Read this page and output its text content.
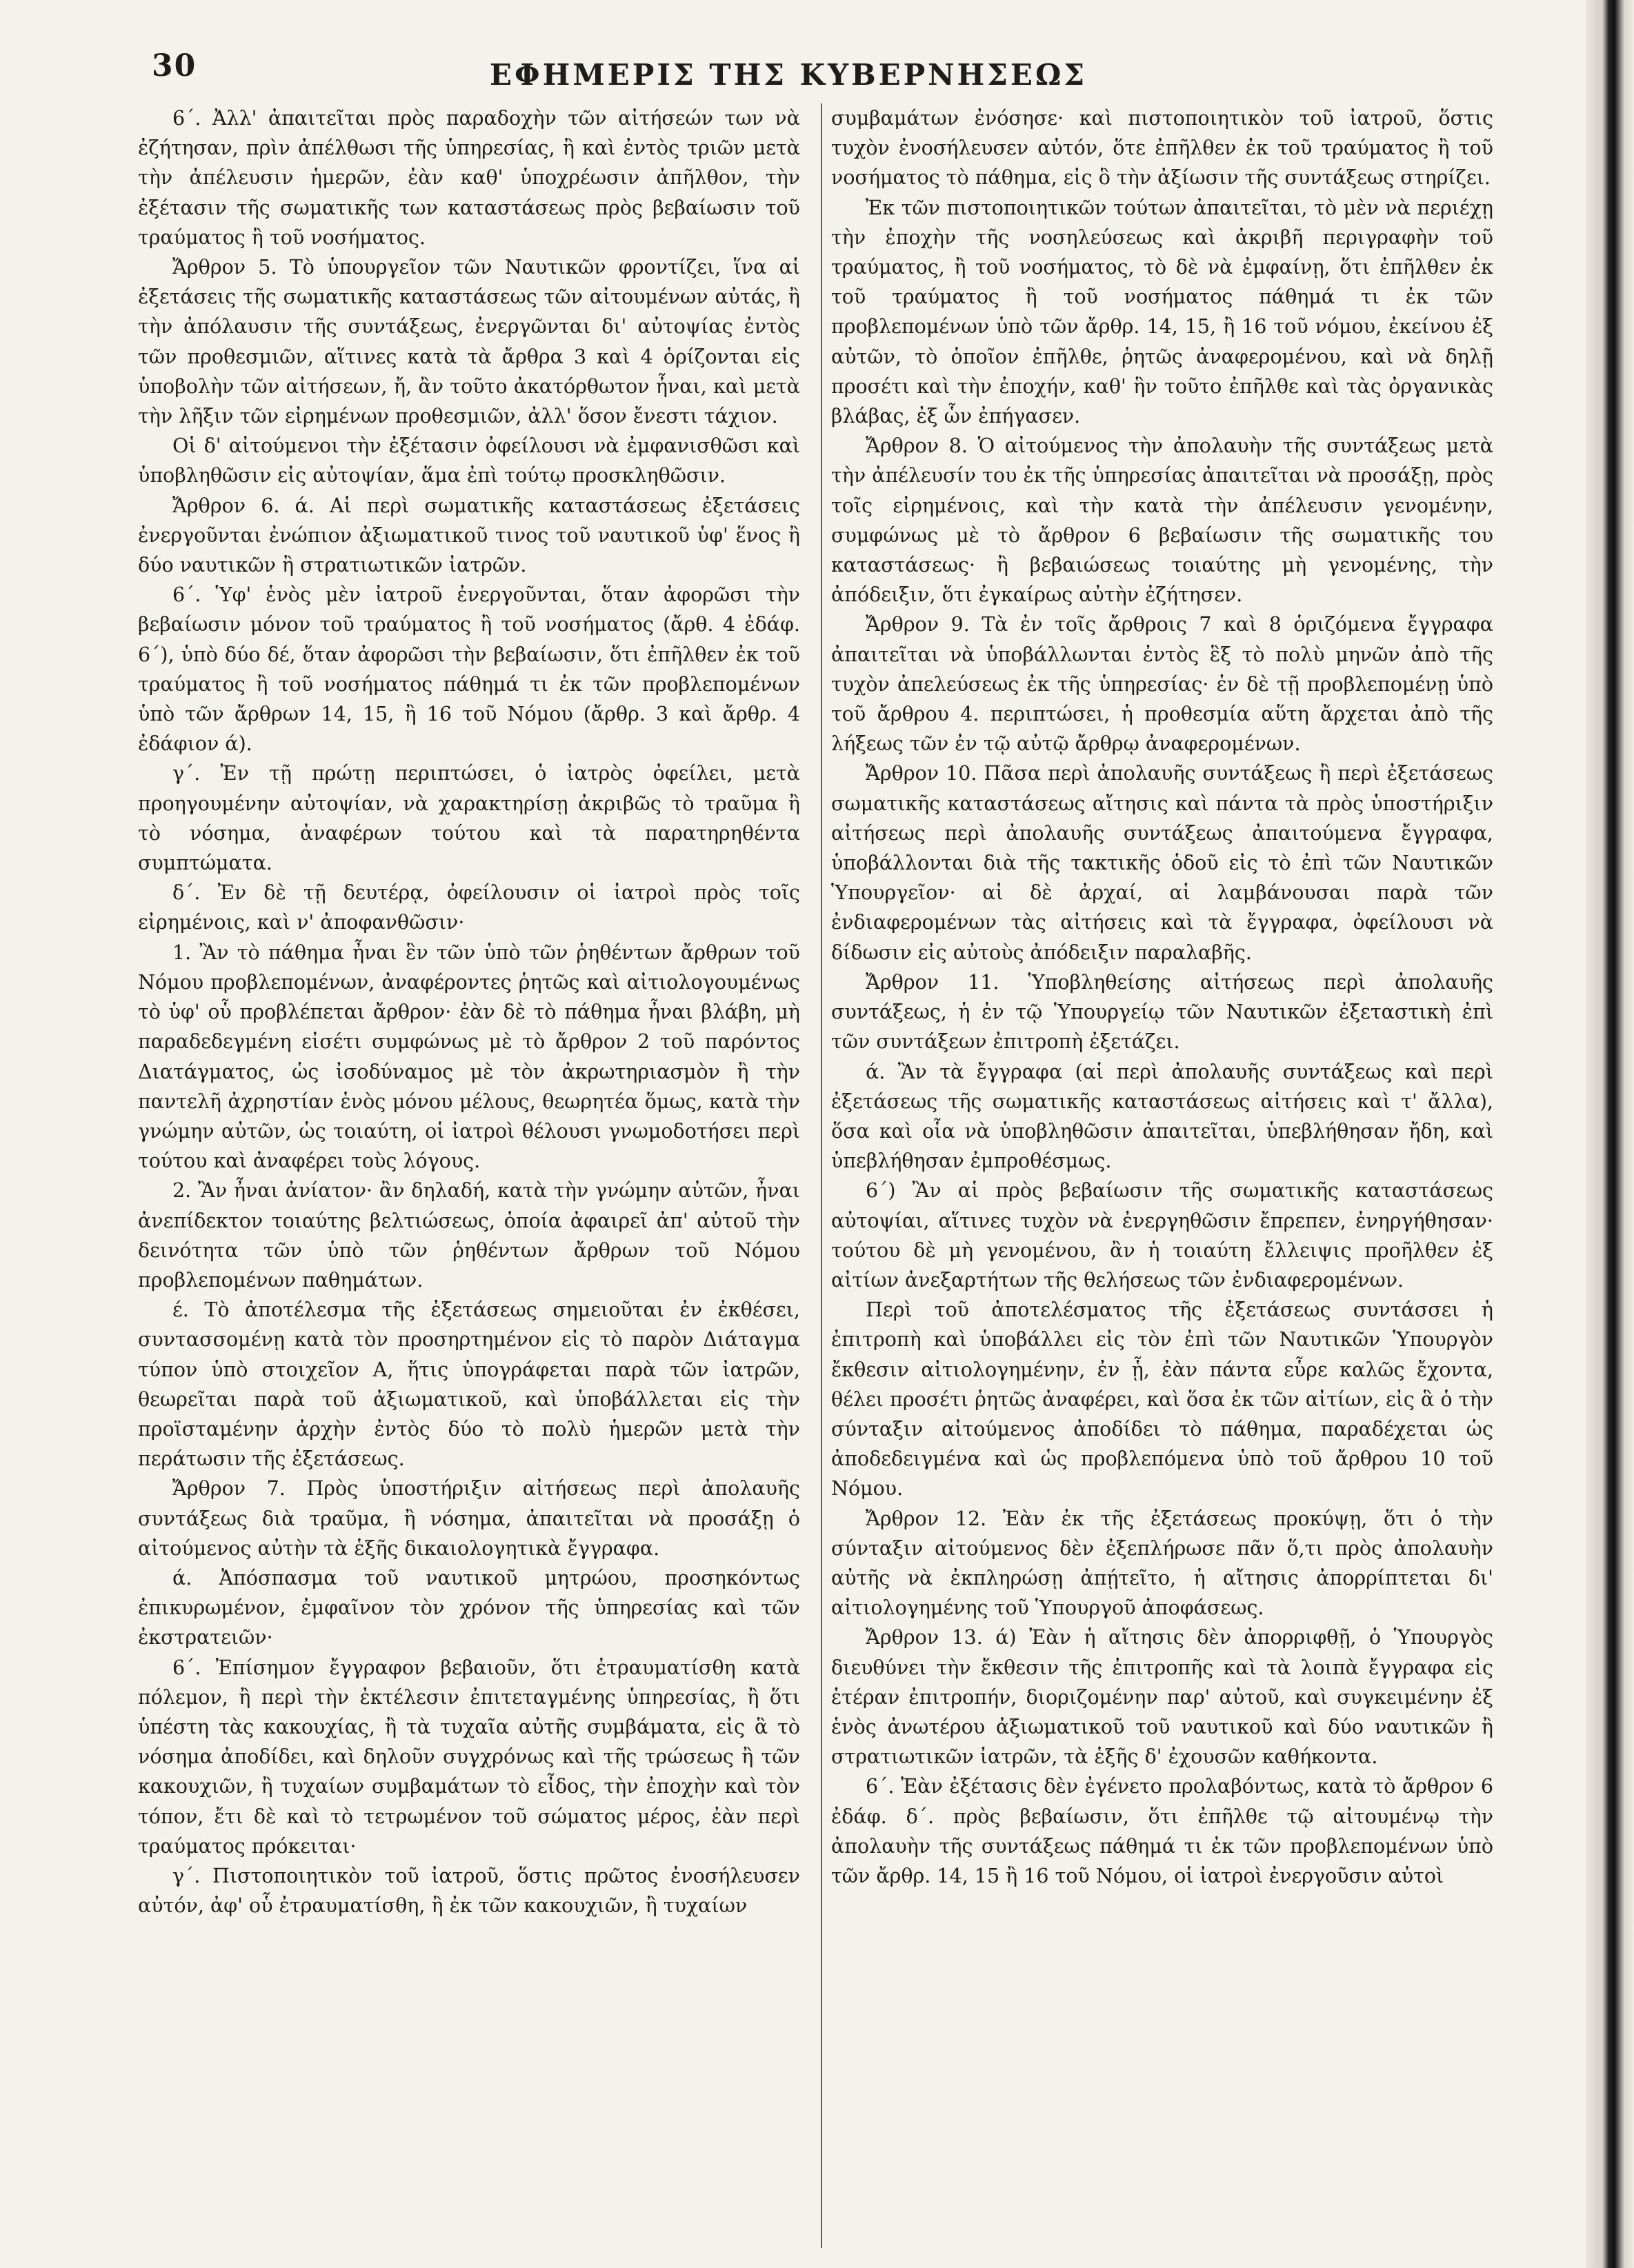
30	ΕΦΗΜΕΡΙΣ ΤΗΣ ΚΥΒΕΡΝΗΣΕΩΣ

6΄. Ἀλλ' ἀπαιτεῖται πρὸς παραδοχὴν τῶν αἰτήσεών των νὰ ἐζήτησαν, πρὶν ἀπέλθωσι τῆς ὑπηρεσίας, ἢ καὶ ἐντὸς τριῶν μετὰ τὴν ἀπέλευσιν ἡμερῶν, ἐὰν καθ' ὑποχρέωσιν ἀπῆλθον, τὴν ἐξέτασιν τῆς σωματικῆς των καταστάσεως πρὸς βεβαίωσιν τοῦ τραύματος ἢ τοῦ νοσήματος.

Ἄρθρον 5. Τὸ ὑπουργεῖον τῶν Ναυτικῶν φροντίζει, ἵνα αἱ ἐξετάσεις τῆς σωματικῆς καταστάσεως τῶν αἰτουμένων αὐτάς, ἢ τὴν ἀπόλαυσιν τῆς συντάξεως, ἐνεργῶνται δι' αὐτοψίας ἐντὸς τῶν προθεσμιῶν, αἵτινες κατὰ τὰ ἄρθρα 3 καὶ 4 ὁρίζονται εἰς ὑποβολὴν τῶν αἰτήσεων, ἤ, ἂν τοῦτο ἀκατόρθωτον ἦναι, καὶ μετὰ τὴν λῆξιν τῶν εἰρημένων προθεσμιῶν, ἀλλ' ὅσον ἔνεστι τάχιον.

Οἱ δ' αἰτούμενοι τὴν ἐξέτασιν ὀφείλουσι νὰ ἐμφανισθῶσι καὶ ὑποβληθῶσιν εἰς αὐτοψίαν, ἅμα ἐπὶ τούτῳ προσκληθῶσιν.

Ἄρθρον 6. ά. Αἱ περὶ σωματικῆς καταστάσεως ἐξετάσεις ἐνεργοῦνται ἐνώπιον ἀξιωματικοῦ τινος τοῦ ναυτικοῦ ὑφ' ἕνος ἢ δύο ναυτικῶν ἢ στρατιωτικῶν ἰατρῶν.

6΄. Ὑφ' ἑνὸς μὲν ἰατροῦ ἐνεργοῦνται, ὅταν ἀφορῶσι τὴν βεβαίωσιν μόνον τοῦ τραύματος ἢ τοῦ νοσήματος (ἄρθ. 4 ἐδάφ. 6΄), ὑπὸ δύο δέ, ὅταν ἀφορῶσι τὴν βεβαίωσιν, ὅτι ἐπῆλθεν ἐκ τοῦ τραύματος ἢ τοῦ νοσήματος πάθημά τι ἐκ τῶν προβλεπομένων ὑπὸ τῶν ἄρθρων 14, 15, ἢ 16 τοῦ Νόμου (ἄρθρ. 3 καὶ ἄρθρ. 4 ἐδάφιον ά).

γ΄. Ἐν τῇ πρώτῃ περιπτώσει, ὁ ἰατρὸς ὀφείλει, μετὰ προηγουμένην αὐτοψίαν, νὰ χαρακτηρίσῃ ἀκριβῶς τὸ τραῦμα ἢ τὸ νόσημα, ἀναφέρων τούτου καὶ τὰ παρατηρηθέντα συμπτώματα.

δ΄. Ἐν δὲ τῇ δευτέρᾳ, ὀφείλουσιν οἱ ἰατροὶ πρὸς τοῖς εἰρημένοις, καὶ ν' ἀποφανθῶσιν·

1. Ἂν τὸ πάθημα ἦναι ἓν τῶν ὑπὸ τῶν ῥηθέντων ἄρθρων τοῦ Νόμου προβλεπομένων, ἀναφέροντες ῥητῶς καὶ αἰτιολογουμένως τὸ ὑφ' οὗ προβλέπεται ἄρθρον· ἐὰν δὲ τὸ πάθημα ἦναι βλάβη, μὴ παραδεδεγμένη εἰσέτι συμφώνως μὲ τὸ ἄρθρον 2 τοῦ παρόντος Διατάγματος, ὡς ἰσοδύναμος μὲ τὸν ἀκρωτηριασμὸν ἢ τὴν παντελῆ ἀχρηστίαν ἑνὸς μόνου μέλους, θεωρητέα ὅμως, κατὰ τὴν γνώμην αὐτῶν, ὡς τοιαύτη, οἱ ἰατροὶ θέλουσι γνωμοδοτήσει περὶ τούτου καὶ ἀναφέρει τοὺς λόγους.

2. Ἂν ἦναι ἀνίατον· ἂν δηλαδή, κατὰ τὴν γνώμην αὐτῶν, ἦναι ἀνεπίδεκτον τοιαύτης βελτιώσεως, ὁποία ἀφαιρεῖ ἀπ' αὐτοῦ τὴν δεινότητα τῶν ὑπὸ τῶν ῥηθέντων ἄρθρων τοῦ Νόμου προβλεπομένων παθημάτων.

έ. Τὸ ἀποτέλεσμα τῆς ἐξετάσεως σημειοῦται ἐν ἐκθέσει, συντασσομένῃ κατὰ τὸν προσηρτημένον εἰς τὸ παρὸν Διάταγμα τύπον ὑπὸ στοιχεῖον Α, ἥτις ὑπογράφεται παρὰ τῶν ἰατρῶν, θεωρεῖται παρὰ τοῦ ἀξιωματικοῦ, καὶ ὑποβάλλεται εἰς τὴν προϊσταμένην ἀρχὴν ἐντὸς δύο τὸ πολὺ ἡμερῶν μετὰ τὴν περάτωσιν τῆς ἐξετάσεως.

Ἄρθρον 7. Πρὸς ὑποστήριξιν αἰτήσεως περὶ ἀπολαυῆς συντάξεως διὰ τραῦμα, ἢ νόσημα, ἀπαιτεῖται νὰ προσάξῃ ὁ αἰτούμενος αὐτὴν τὰ ἑξῆς δικαιολογητικὰ ἔγγραφα.

ά. Ἀπόσπασμα τοῦ ναυτικοῦ μητρώου, προσηκόντως ἐπικυρωμένον, ἐμφαῖνον τὸν χρόνον τῆς ὑπηρεσίας καὶ τῶν ἐκστρατειῶν·

6΄. Ἐπίσημον ἔγγραφον βεβαιοῦν, ὅτι ἐτραυματίσθη κατὰ πόλεμον, ἢ περὶ τὴν ἐκτέλεσιν ἐπιτεταγμένης ὑπηρεσίας, ἢ ὅτι ὑπέστη τὰς κακουχίας, ἢ τὰ τυχαῖα αὐτῆς συμβάματα, εἰς ἃ τὸ νόσημα ἀποδίδει, καὶ δηλοῦν συγχρόνως καὶ τῆς τρώσεως ἢ τῶν κακουχιῶν, ἢ τυχαίων συμβαμάτων τὸ εἶδος, τὴν ἐποχὴν καὶ τὸν τόπον, ἔτι δὲ καὶ τὸ τετρωμένον τοῦ σώματος μέρος, ἐὰν περὶ τραύματος πρόκειται·

γ΄. Πιστοποιητικὸν τοῦ ἰατροῦ, ὅστις πρῶτος ἐνοσήλευσεν αὐτόν, ἀφ' οὗ ἐτραυματίσθη, ἢ ἐκ τῶν κακουχιῶν, ἢ τυχαίων

συμβαμάτων ἐνόσησε· καὶ πιστοποιητικὸν τοῦ ἰατροῦ, ὅστις τυχὸν ἐνοσήλευσεν αὐτόν, ὅτε ἐπῆλθεν ἐκ τοῦ τραύματος ἢ τοῦ νοσήματος τὸ πάθημα, εἰς ὃ τὴν ἀξίωσιν τῆς συντάξεως στηρίζει.

Ἐκ τῶν πιστοποιητικῶν τούτων ἀπαιτεῖται, τὸ μὲν νὰ περιέχῃ τὴν ἐποχὴν τῆς νοσηλεύσεως καὶ ἀκριβῆ περιγραφὴν τοῦ τραύματος, ἢ τοῦ νοσήματος, τὸ δὲ νὰ ἐμφαίνῃ, ὅτι ἐπῆλθεν ἐκ τοῦ τραύματος ἢ τοῦ νοσήματος πάθημά τι ἐκ τῶν προβλεπομένων ὑπὸ τῶν ἄρθρ. 14, 15, ἢ 16 τοῦ νόμου, ἐκείνου ἐξ αὐτῶν, τὸ ὁποῖον ἐπῆλθε, ῥητῶς ἀναφερομένου, καὶ νὰ δηλῇ προσέτι καὶ τὴν ἐποχήν, καθ' ἣν τοῦτο ἐπῆλθε καὶ τὰς ὀργανικὰς βλάβας, ἐξ ὧν ἐπήγασεν.

Ἄρθρον 8. Ὁ αἰτούμενος τὴν ἀπολαυὴν τῆς συντάξεως μετὰ τὴν ἀπέλευσίν του ἐκ τῆς ὑπηρεσίας ἀπαιτεῖται νὰ προσάξῃ, πρὸς τοῖς εἰρημένοις, καὶ τὴν κατὰ τὴν ἀπέλευσιν γενομένην, συμφώνως μὲ τὸ ἄρθρον 6 βεβαίωσιν τῆς σωματικῆς του καταστάσεως· ἢ βεβαιώσεως τοιαύτης μὴ γενομένης, τὴν ἀπόδειξιν, ὅτι ἐγκαίρως αὐτὴν ἐζήτησεν.

Ἄρθρον 9. Τὰ ἐν τοῖς ἄρθροις 7 καὶ 8 ὁριζόμενα ἔγγραφα ἀπαιτεῖται νὰ ὑποβάλλωνται ἐντὸς ἓξ τὸ πολὺ μηνῶν ἀπὸ τῆς τυχὸν ἀπελεύσεως ἐκ τῆς ὑπηρεσίας· ἐν δὲ τῇ προβλεπομένῃ ὑπὸ τοῦ ἄρθρου 4. περιπτώσει, ἡ προθεσμία αὕτη ἄρχεται ἀπὸ τῆς λήξεως τῶν ἐν τῷ αὐτῷ ἄρθρῳ ἀναφερομένων.

Ἄρθρον 10. Πᾶσα περὶ ἀπολαυῆς συντάξεως ἢ περὶ ἐξετάσεως σωματικῆς καταστάσεως αἴτησις καὶ πάντα τὰ πρὸς ὑποστήριξιν αἰτήσεως περὶ ἀπολαυῆς συντάξεως ἀπαιτούμενα ἔγγραφα, ὑποβάλλονται διὰ τῆς τακτικῆς ὁδοῦ εἰς τὸ ἐπὶ τῶν Ναυτικῶν Ὑπουργεῖον· αἱ δὲ ἀρχαί, αἱ λαμβάνουσαι παρὰ τῶν ἐνδιαφερομένων τὰς αἰτήσεις καὶ τὰ ἔγγραφα, ὀφείλουσι νὰ δίδωσιν εἰς αὐτοὺς ἀπόδειξιν παραλαβῆς.

Ἄρθρον 11. Ὑποβληθείσης αἰτήσεως περὶ ἀπολαυῆς συντάξεως, ἡ ἐν τῷ Ὑπουργείῳ τῶν Ναυτικῶν ἐξεταστικὴ ἐπὶ τῶν συντάξεων ἐπιτροπὴ ἐξετάζει.

ά. Ἂν τὰ ἔγγραφα (αἱ περὶ ἀπολαυῆς συντάξεως καὶ περὶ ἐξετάσεως τῆς σωματικῆς καταστάσεως αἰτήσεις καὶ τ' ἄλλα), ὅσα καὶ οἷα νὰ ὑποβληθῶσιν ἀπαιτεῖται, ὑπεβλήθησαν ἤδη, καὶ ὑπεβλήθησαν ἐμπροθέσμως.

6΄) Ἂν αἱ πρὸς βεβαίωσιν τῆς σωματικῆς καταστάσεως αὐτοψίαι, αἵτινες τυχὸν νὰ ἐνεργηθῶσιν ἔπρεπεν, ἐνηργήθησαν· τούτου δὲ μὴ γενομένου, ἂν ἡ τοιαύτη ἔλλειψις προῆλθεν ἐξ αἰτίων ἀνεξαρτήτων τῆς θελήσεως τῶν ἐνδιαφερομένων.

Περὶ τοῦ ἀποτελέσματος τῆς ἐξετάσεως συντάσσει ἡ ἐπιτροπὴ καὶ ὑποβάλλει εἰς τὸν ἐπὶ τῶν Ναυτικῶν Ὑπουργὸν ἔκθεσιν αἰτιολογημένην, ἐν ᾗ, ἐὰν πάντα εὗρε καλῶς ἔχοντα, θέλει προσέτι ῥητῶς ἀναφέρει, καὶ ὅσα ἐκ τῶν αἰτίων, εἰς ἃ ὁ τὴν σύνταξιν αἰτούμενος ἀποδίδει τὸ πάθημα, παραδέχεται ὡς ἀποδεδειγμένα καὶ ὡς προβλεπόμενα ὑπὸ τοῦ ἄρθρου 10 τοῦ Νόμου.

Ἄρθρον 12. Ἐὰν ἐκ τῆς ἐξετάσεως προκύψῃ, ὅτι ὁ τὴν σύνταξιν αἰτούμενος δὲν ἐξεπλήρωσε πᾶν ὅ,τι πρὸς ἀπολαυὴν αὐτῆς νὰ ἐκπληρώσῃ ἀπῄτεῖτο, ἡ αἴτησις ἀπορρίπτεται δι' αἰτιολογημένης τοῦ Ὑπουργοῦ ἀποφάσεως.

Ἄρθρον 13. ά) Ἐὰν ἡ αἴτησις δὲν ἀπορριφθῇ, ὁ Ὑπουργὸς διευθύνει τὴν ἔκθεσιν τῆς ἐπιτροπῆς καὶ τὰ λοιπὰ ἔγγραφα εἰς ἑτέραν ἐπιτροπήν, διοριζομένην παρ' αὐτοῦ, καὶ συγκειμένην ἐξ ἑνὸς ἀνωτέρου ἀξιωματικοῦ τοῦ ναυτικοῦ καὶ δύο ναυτικῶν ἢ στρατιωτικῶν ἰατρῶν, τὰ ἑξῆς δ' ἐχουσῶν καθήκοντα.

6΄. Ἐὰν ἐξέτασις δὲν ἐγένετο προλαβόντως, κατὰ τὸ ἄρθρον 6 ἐδάφ. δ΄. πρὸς βεβαίωσιν, ὅτι ἐπῆλθε τῷ αἰτουμένῳ τὴν ἀπολαυὴν τῆς συντάξεως πάθημά τι ἐκ τῶν προβλεπομένων ὑπὸ τῶν ἄρθρ. 14, 15 ἢ 16 τοῦ Νόμου, οἱ ἰατροὶ ἐνεργοῦσιν αὐτοὶ
